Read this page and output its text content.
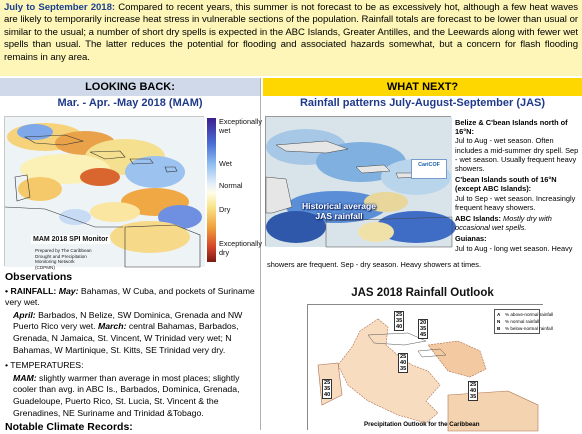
July to September 2018: Compared to recent years, this summer is not forecast to be as excessively hot, although a few heat waves are likely to temporarily increase heat stress in vulnerable sections of the population. Rainfall totals are forecast to be lower than usual or similar to the usual; a number of short dry spells is expected in the ABC Islands, Greater Antilles, and the Leewards along with fewer wet spells than usual. The latter reduces the potential for flooding and associated hazards somewhat, but a concern for flash flooding remains in any area.
LOOKING BACK:
Mar. - Apr. -May 2018 (MAM)
MAM 2018 SPI Monitor
Prepared by The Caribbean Drought and Precipitation Monitoring Network (CDPMN)
Exceptionally wet
Wet
Normal
Dry
Exceptionally dry
Observations
• RAINFALL: May: Bahamas, W Cuba, and pockets of Suriname very wet.
April: Barbados, N Belize, SW Dominica, Grenada and NW Puerto Rico very wet. March: central Bahamas, Barbados, Grenada, N Jamaica, St. Vincent, W Trinidad very wet; N Bahamas, W Martinique, St. Kitts, SE Trinidad very dry.
• TEMPERATURES:
MAM: slightly warmer than average in most places; slightly cooler than avg. in ABC Is., Barbados, Dominica, Grenada, Guadeloupe, Puerto Rico, St. Lucia, St. Vincent & the Grenadines, NE Suriname and Trinidad &Tobago.
Notable Climate Records:
WHAT NEXT?
Rainfall patterns July-August-September (JAS)
Historical average JAS rainfall
CariCOF
Belize & C'bean Islands north of 16°N:
Jul to Aug - wet season. Often includes a mid-summer dry spell. Sep - wet season. Usually frequent heavy showers.
C'bean Islands south of 16°N (except ABC Islands):
Jul to Sep - wet season. Increasingly frequent heavy showers.
ABC Islands: Mostly dry with occasional wet spells.
Guianas:
Jul to Aug - long wet season. Heavy
showers are frequent. Sep - dry season. Heavy showers at times.
JAS 2018 Rainfall Outlook
25
35
40
20
35
45
25
40
35
25
35
40
25
40
35
A % above-normal rainfall
N % normal rainfall
B % below-normal rainfall
Precipitation Outlook for the Caribbean
